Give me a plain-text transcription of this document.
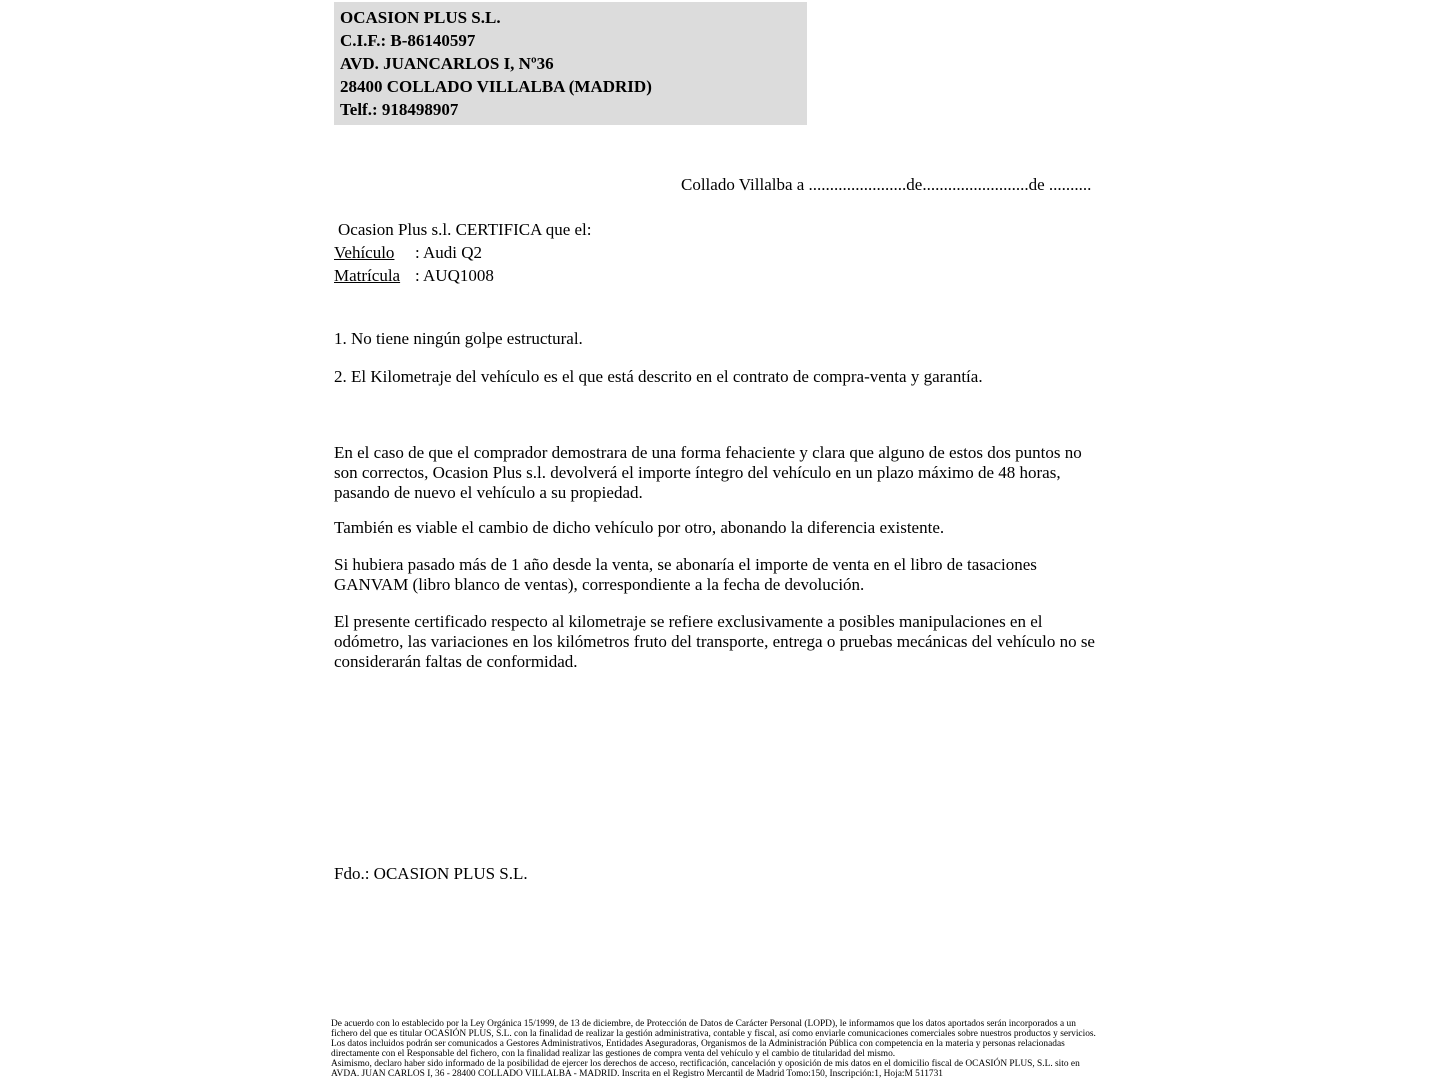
OCASION PLUS S.L.
C.I.F.: B-86140597
AVD. JUANCARLOS I, Nº36
28400 COLLADO VILLALBA (MADRID)
Telf.: 918498907
Collado Villalba a .......................de.........................de ..........
Ocasion Plus s.l. CERTIFICA que el:
Vehículo : Audi Q2
Matrícula : AUQ1008
1. No tiene ningún golpe estructural.
2. El Kilometraje del vehículo es el que está descrito en el contrato de compra-venta y garantía.
En el caso de que el comprador demostrara de una forma fehaciente y clara que alguno de estos dos puntos no son correctos, Ocasion Plus s.l. devolverá el importe íntegro del vehículo en un plazo máximo de 48 horas, pasando de nuevo el vehículo a su propiedad.
También es viable el cambio de dicho vehículo por otro, abonando la diferencia existente.
Si hubiera pasado más de 1 año desde la venta, se abonaría el importe de venta en el libro de tasaciones GANVAM (libro blanco de ventas), correspondiente a la fecha de devolución.
El presente certificado respecto al kilometraje se refiere exclusivamente a posibles manipulaciones en el odómetro, las variaciones en los kilómetros fruto del transporte, entrega o pruebas mecánicas del vehículo no se considerarán faltas de conformidad.
Fdo.: OCASION PLUS S.L.

De acuerdo con lo establecido por la Ley Orgánica 15/1999, de 13 de diciembre, de Protección de Datos de Carácter Personal (LOPD), le informamos que los datos aportados serán incorporados a un fichero del que es titular OCASIÓN PLUS, S.L. con la finalidad de realizar la gestión administrativa, contable y fiscal, así como enviarle comunicaciones comerciales sobre nuestros productos y servicios.

Los datos incluidos podrán ser comunicados a Gestores Administrativos, Entidades Aseguradoras, Organismos de la Administración Pública con competencia en la materia y personas relacionadas directamente con el Responsable del fichero, con la finalidad realizar las gestiones de compra venta del vehículo y el cambio de titularidad del mismo.

Asimismo, declaro haber sido informado de la posibilidad de ejercer los derechos de acceso, rectificación, cancelación y oposición de mis datos en el domicilio fiscal de OCASIÓN PLUS, S.L. sito en AVDA. JUAN CARLOS I, 36 - 28400 COLLADO VILLALBA - MADRID. Inscrita en el Registro Mercantil de Madrid Tomo:150, Inscripción:1, Hoja:M 511731
